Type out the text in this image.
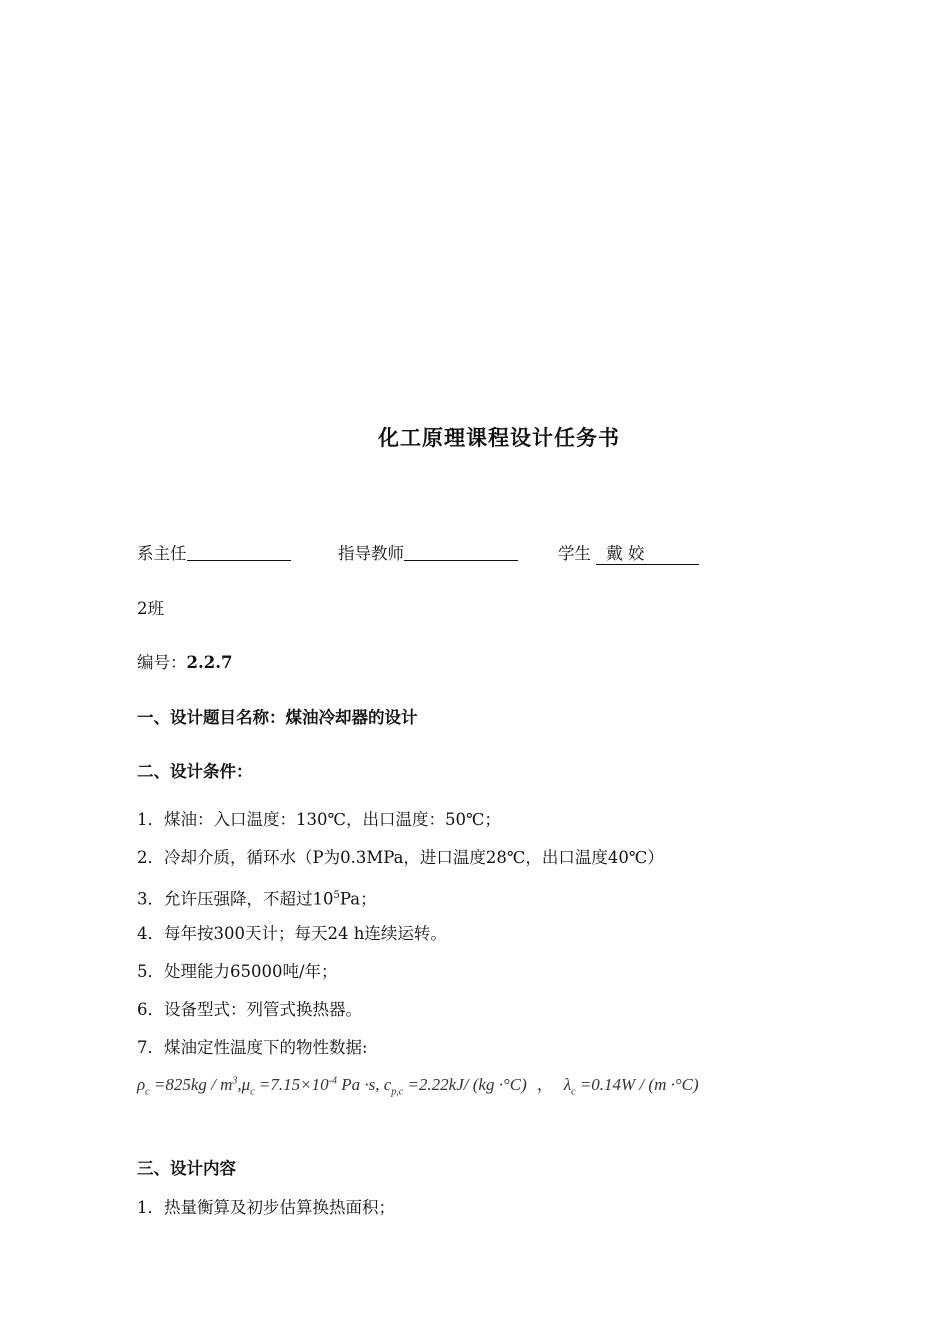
化工原理课程设计任务书
系主任	指导教师	学生 戴 姣
2班
编号：2.2.7
一、设计题目名称：煤油冷却器的设计
二、设计条件：
1．煤油：入口温度：130℃，出口温度：50℃；
2．冷却介质，循环水（P为0.3MPa，进口温度28℃，出口温度40℃）
3．允许压强降，不超过$10^5Pa$；
4．每年按300天计；每天24 h连续运转。
5．处理能力65000吨/年；
6．设备型式：列管式换热器。
7．煤油定性温度下的物性数据:
$\rho_c =825kg / m^3,\mu_c =7.15\times 10^{-4}$ Pa ·s, $c_{p,c} =2.22kJ/$ (kg ·°C) ， $\lambda_c =0.14W / (m \cdot^\circ C)$
三、设计内容
1．热量衡算及初步估算换热面积；
